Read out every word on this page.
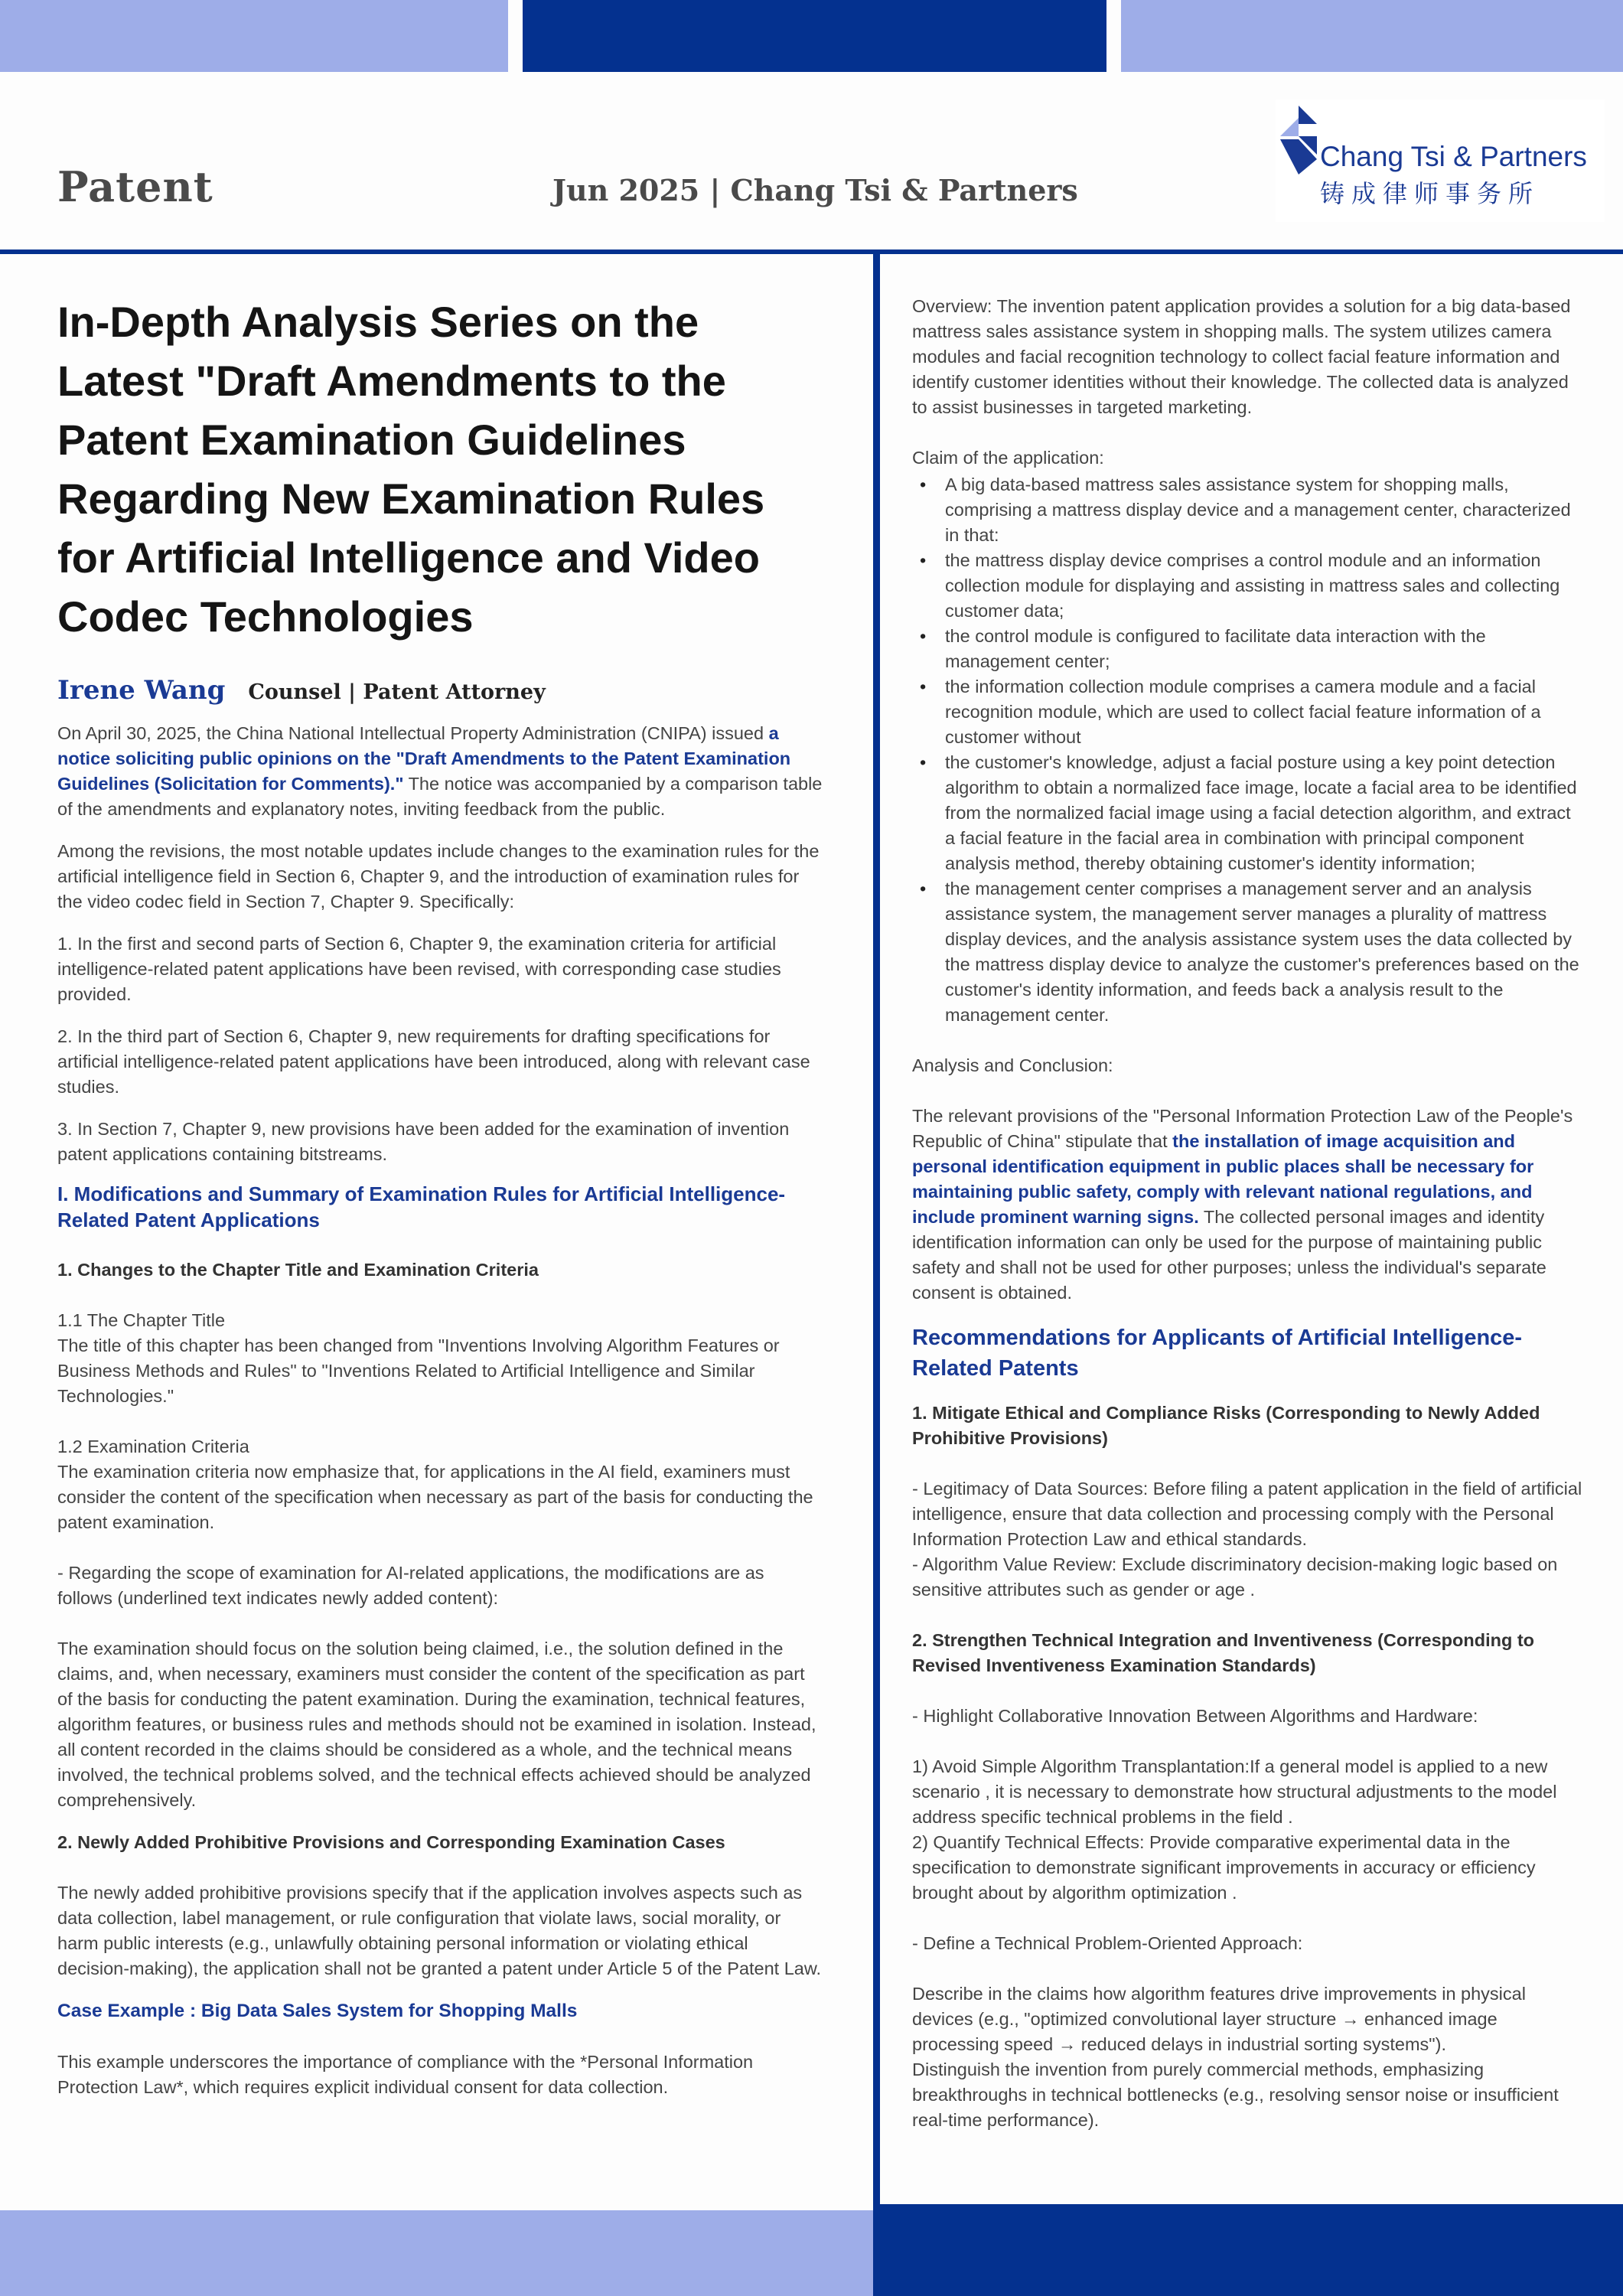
Patent	Jun 2025 | Chang Tsi & Partners
Chang Tsi & Partners
铸成律师事务所
In-Depth Analysis Series on the Latest "Draft Amendments to the Patent Examination Guidelines Regarding New Examination Rules for Artificial Intelligence and Video Codec Technologies
Irene Wang Counsel | Patent Attorney

On April 30, 2025, the China National Intellectual Property Administration (CNIPA) issued a notice soliciting public opinions on the "Draft Amendments to the Patent Examination Guidelines (Solicitation for Comments)." The notice was accompanied by a comparison table of the amendments and explanatory notes, inviting feedback from the public.

Among the revisions, the most notable updates include changes to the examination rules for the artificial intelligence field in Section 6, Chapter 9, and the introduction of examination rules for the video codec field in Section 7, Chapter 9. Specifically:

1. In the first and second parts of Section 6, Chapter 9, the examination criteria for artificial intelligence-related patent applications have been revised, with corresponding case studies provided.

2. In the third part of Section 6, Chapter 9, new requirements for drafting specifications for artificial intelligence-related patent applications have been introduced, along with relevant case studies.

3. In Section 7, Chapter 9, new provisions have been added for the examination of invention patent applications containing bitstreams.

I. Modifications and Summary of Examination Rules for Artificial Intelligence-Related Patent Applications
1. Changes to the Chapter Title and Examination Criteria

1.1 The Chapter Title
The title of this chapter has been changed from "Inventions Involving Algorithm Features or Business Methods and Rules" to "Inventions Related to Artificial Intelligence and Similar Technologies."

1.2 Examination Criteria
The examination criteria now emphasize that, for applications in the AI field, examiners must consider the content of the specification when necessary as part of the basis for conducting the patent examination.

- Regarding the scope of examination for AI-related applications, the modifications are as follows (underlined text indicates newly added content):

The examination should focus on the solution being claimed, i.e., the solution defined in the claims, and, when necessary, examiners must consider the content of the specification as part of the basis for conducting the patent examination. During the examination, technical features, algorithm features, or business rules and methods should not be examined in isolation. Instead, all content recorded in the claims should be considered as a whole, and the technical means involved, the technical problems solved, and the technical effects achieved should be analyzed comprehensively.

2. Newly Added Prohibitive Provisions and Corresponding Examination Cases

The newly added prohibitive provisions specify that if the application involves aspects such as data collection, label management, or rule configuration that violate laws, social morality, or harm public interests (e.g., unlawfully obtaining personal information or violating ethical decision-making), the application shall not be granted a patent under Article 5 of the Patent Law.

Case Example : Big Data Sales System for Shopping Malls

This example underscores the importance of compliance with the *Personal Information Protection Law*, which requires explicit individual consent for data collection.

Overview: The invention patent application provides a solution for a big data-based mattress sales assistance system in shopping malls. The system utilizes camera modules and facial recognition technology to collect facial feature information and identify customer identities without their knowledge. The collected data is analyzed to assist businesses in targeted marketing.

Claim of the application:

• A big data-based mattress sales assistance system for shopping malls, comprising a mattress display device and a management center, characterized in that:
• the mattress display device comprises a control module and an information collection module for displaying and assisting in mattress sales and collecting customer data;
• the control module is configured to facilitate data interaction with the management center;
• the information collection module comprises a camera module and a facial recognition module, which are used to collect facial feature information of a customer without
• the customer's knowledge, adjust a facial posture using a key point detection algorithm to obtain a normalized face image, locate a facial area to be identified from the normalized facial image using a facial detection algorithm, and extract a facial feature in the facial area in combination with principal component analysis method, thereby obtaining customer's identity information;
• the management center comprises a management server and an analysis assistance system, the management server manages a plurality of mattress display devices, and the analysis assistance system uses the data collected by the mattress display device to analyze the customer's preferences based on the customer's identity information, and feeds back a analysis result to the management center.

Analysis and Conclusion:

The relevant provisions of the "Personal Information Protection Law of the People's Republic of China" stipulate that the installation of image acquisition and personal identification equipment in public places shall be necessary for maintaining public safety, comply with relevant national regulations, and include prominent warning signs. The collected personal images and identity identification information can only be used for the purpose of maintaining public safety and shall not be used for other purposes; unless the individual's separate consent is obtained.

Recommendations for Applicants of Artificial Intelligence-Related Patents
1. Mitigate Ethical and Compliance Risks (Corresponding to Newly Added Prohibitive Provisions)

- Legitimacy of Data Sources: Before filing a patent application in the field of artificial intelligence, ensure that data collection and processing comply with the Personal Information Protection Law and ethical standards.
- Algorithm Value Review: Exclude discriminatory decision-making logic based on sensitive attributes such as gender or age .

2. Strengthen Technical Integration and Inventiveness (Corresponding to Revised Inventiveness Examination Standards)

- Highlight Collaborative Innovation Between Algorithms and Hardware:

1) Avoid Simple Algorithm Transplantation:If a general model is applied to a new scenario , it is necessary to demonstrate how structural adjustments to the model address specific technical problems in the field .
2) Quantify Technical Effects: Provide comparative experimental data in the specification to demonstrate significant improvements in accuracy or efficiency brought about by algorithm optimization .

- Define a Technical Problem-Oriented Approach:

Describe in the claims how algorithm features drive improvements in physical devices (e.g., "optimized convolutional layer structure → enhanced image processing speed → reduced delays in industrial sorting systems").
Distinguish the invention from purely commercial methods, emphasizing breakthroughs in technical bottlenecks (e.g., resolving sensor noise or insufficient real-time performance).
